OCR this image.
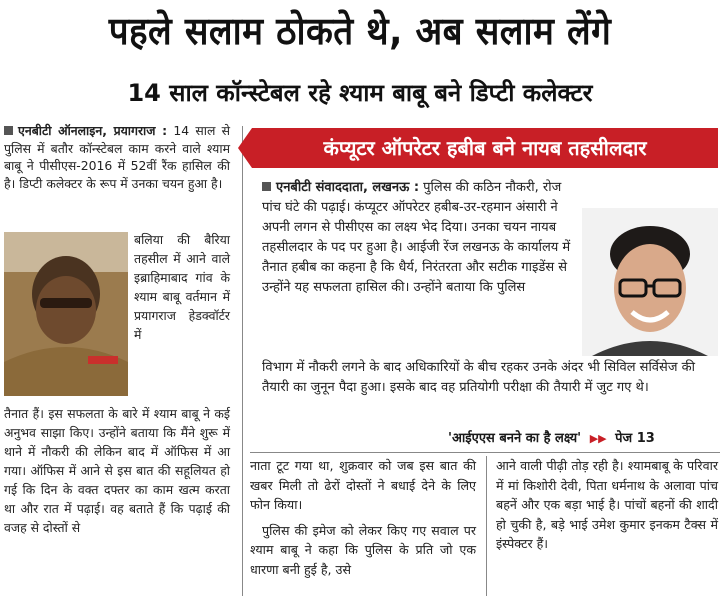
पहले सलाम ठोकते थे, अब सलाम लेंगे
14 साल कॉन्स्टेबल रहे श्याम बाबू बने डिप्टी कलेक्टर
एनबीटी ऑनलाइन, प्रयागराज : 14 साल से पुलिस में बतौर कॉन्स्टेबल काम करने वाले श्याम बाबू ने पीसीएस-2016 में 52वीं रैंक हासिल की है। डिप्टी कलेक्टर के रूप में उनका चयन हुआ है।
बलिया की बैरिया तहसील में आने वाले इब्राहिमाबाद गांव के श्याम बाबू वर्तमान में प्रयागराज हेडक्वॉर्टर में
तैनात हैं। इस सफलता के बारे में श्याम बाबू ने कई अनुभव साझा किए। उन्होंने बताया कि मैंने शुरू में थाने में नौकरी की लेकिन बाद में ऑफिस में आ गया। ऑफिस में आने से इस बात की सहूलियत हो गई कि दिन के वक्त दफ्तर का काम खत्म करता था और रात में पढ़ाई। वह बताते हैं कि पढ़ाई की वजह से दोस्तों से
कंप्यूटर ऑपरेटर हबीब बने नायब तहसीलदार
एनबीटी संवाददाता, लखनऊ : पुलिस की कठिन नौकरी, रोज पांच घंटे की पढ़ाई। कंप्यूटर ऑपरेटर हबीब-उर-रहमान अंसारी ने अपनी लगन से पीसीएस का लक्ष्य भेद दिया। उनका चयन नायब तहसीलदार के पद पर हुआ है। आईजी रेंज लखनऊ के कार्यालय में तैनात हबीब का कहना है कि धैर्य, निरंतरता और सटीक गाइडेंस से उन्होंने यह सफलता हासिल की। उन्होंने बताया कि पुलिस
विभाग में नौकरी लगने के बाद अधिकारियों के बीच रहकर उनके अंदर भी सिविल सर्विसेज की तैयारी का जुनून पैदा हुआ। इसके बाद वह प्रतियोगी परीक्षा की तैयारी में जुट गए थे।
'आईएएस बनने का है लक्ष्य' ▶▶ पेज 13
नाता टूट गया था, शुक्रवार को जब इस बात की खबर मिली तो ढेरों दोस्तों ने बधाई देने के लिए फोन किया।
पुलिस की इमेज को लेकर किए गए सवाल पर श्याम बाबू ने कहा कि पुलिस के प्रति जो एक धारणा बनी हुई है, उसे
आने वाली पीढ़ी तोड़ रही है। श्यामबाबू के परिवार में मां किशोरी देवी, पिता धर्मनाथ के अलावा पांच बहनें और एक बड़ा भाई है। पांचों बहनों की शादी हो चुकी है, बड़े भाई उमेश कुमार इनकम टैक्स में इंस्पेक्टर हैं।
